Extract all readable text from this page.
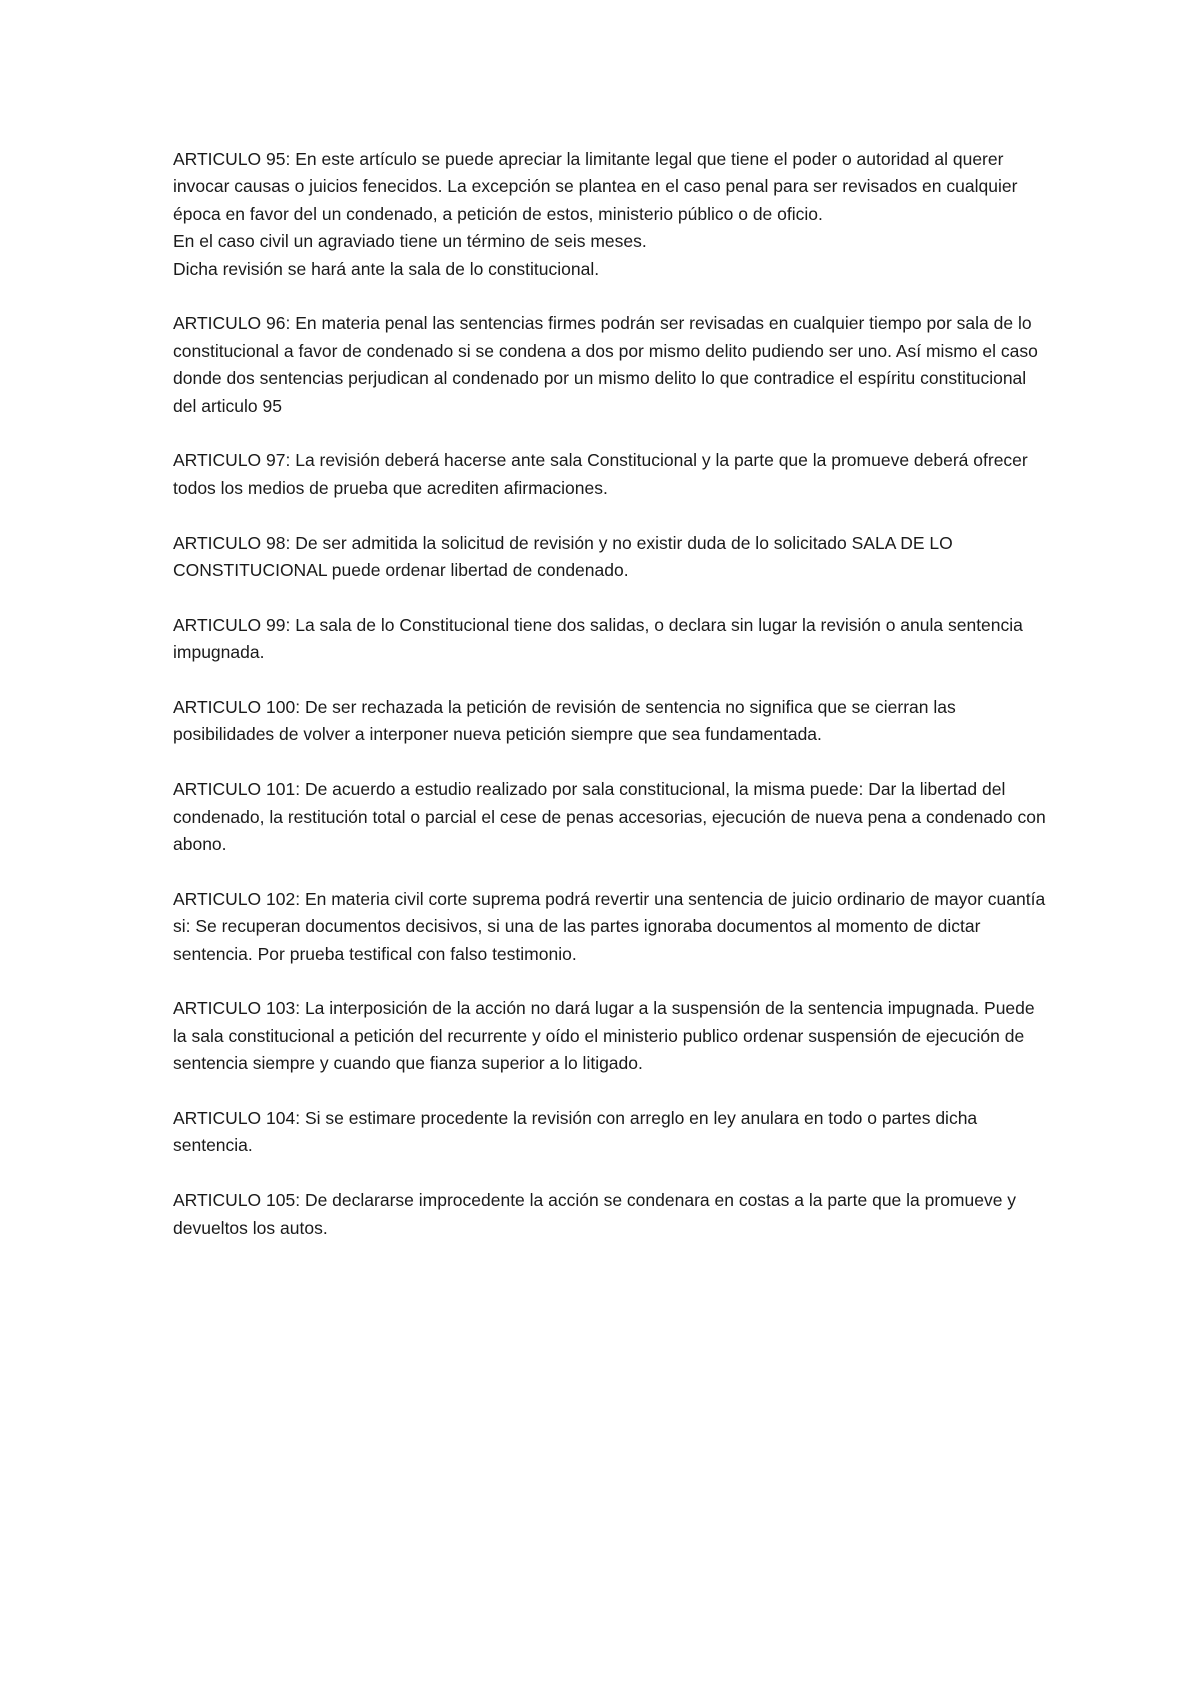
ARTICULO 95: En este artículo se puede apreciar la limitante legal que tiene el poder o autoridad al querer invocar causas o juicios fenecidos. La excepción se plantea en el caso penal para ser revisados en cualquier época en favor del un condenado, a petición de estos, ministerio público o de oficio.

En el caso civil un agraviado tiene un término de seis meses.

Dicha revisión se hará ante la sala de lo constitucional.

ARTICULO 96: En materia penal las sentencias firmes podrán ser revisadas en cualquier tiempo por sala de lo constitucional a favor de condenado si se condena a dos por mismo delito pudiendo ser uno. Así mismo el caso donde dos sentencias perjudican al condenado por un mismo delito lo que contradice el espíritu constitucional del articulo 95

ARTICULO 97: La revisión deberá hacerse ante sala Constitucional y la parte que la promueve deberá ofrecer todos los medios de prueba que acrediten afirmaciones.

ARTICULO 98: De ser admitida la solicitud de revisión y no existir duda de lo solicitado SALA DE LO CONSTITUCIONAL puede ordenar libertad de condenado.

ARTICULO 99: La sala de lo Constitucional tiene dos salidas, o declara sin lugar la revisión o anula sentencia impugnada.

ARTICULO 100: De ser rechazada la petición de revisión de sentencia no significa que se cierran las posibilidades de volver a interponer nueva petición siempre que sea fundamentada.

ARTICULO 101: De acuerdo a estudio realizado por sala constitucional, la misma puede: Dar la libertad del condenado, la restitución total o parcial el cese de penas accesorias, ejecución de nueva pena a condenado con abono.

ARTICULO 102: En materia civil corte suprema podrá revertir una sentencia de juicio ordinario de mayor cuantía si: Se recuperan documentos decisivos, si una de las partes ignoraba documentos al momento de dictar sentencia. Por prueba testifical con falso testimonio.

ARTICULO 103: La interposición de la acción no dará lugar a la suspensión de la sentencia impugnada. Puede la sala constitucional a petición del recurrente y oído el ministerio publico ordenar suspensión de ejecución de sentencia siempre y cuando que fianza superior a lo litigado.

ARTICULO 104: Si se estimare procedente la revisión con arreglo en ley anulara en todo o partes dicha sentencia.

ARTICULO 105: De declararse improcedente la acción se condenara en costas a la parte que la promueve y devueltos los autos.
